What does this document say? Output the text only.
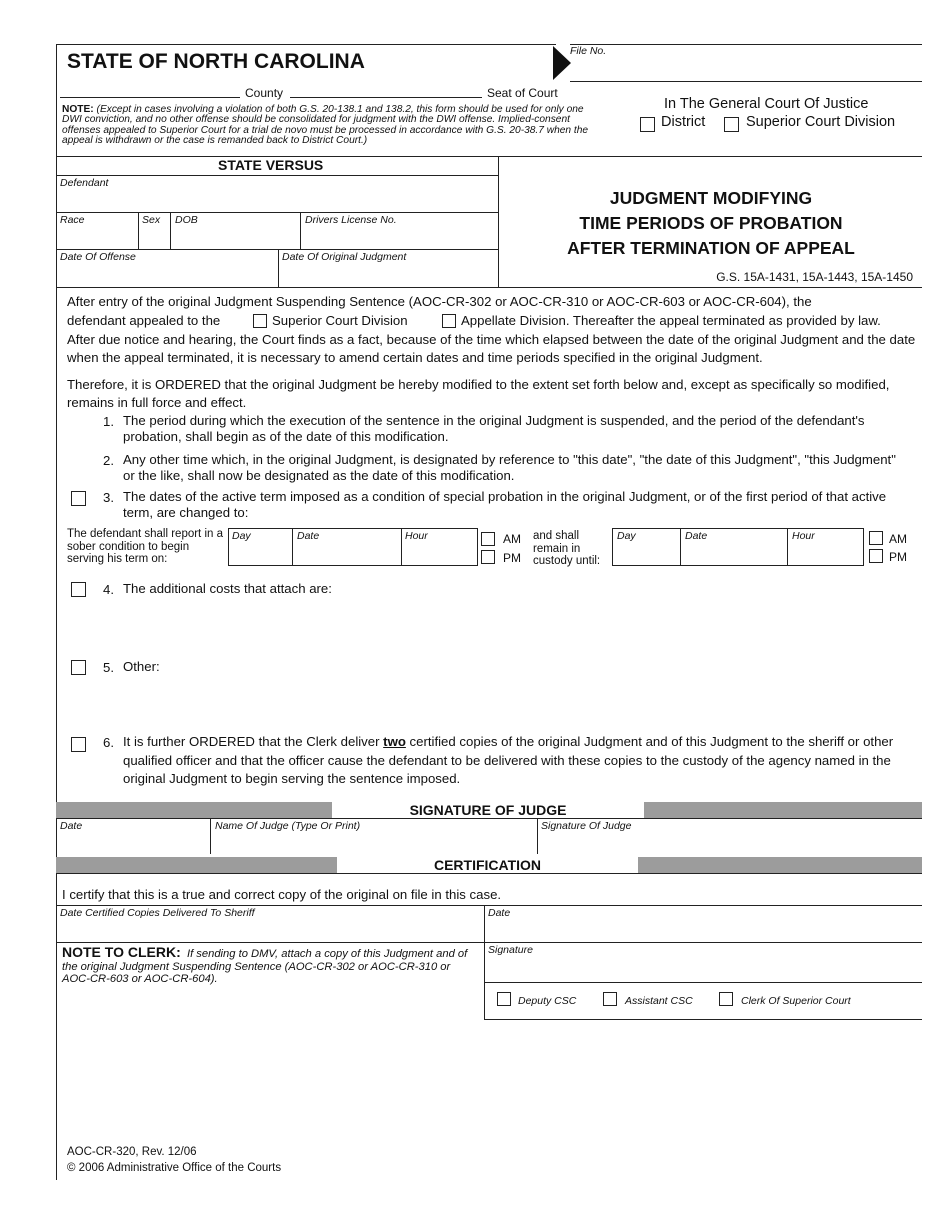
STATE OF NORTH CAROLINA	File No.
County	Seat of Court
NOTE: (Except in cases involving a violation of both G.S. 20-138.1 and 138.2, this form should be used for only one DWI conviction, and no other offense should be consolidated for judgment with the DWI offense. Implied-consent offenses appealed to Superior Court for a trial de novo must be processed in accordance with G.S. 20-38.7 when the appeal is withdrawn or the case is remanded back to District Court.)
In The General Court Of Justice
District	Superior Court Division
STATE VERSUS
Defendant
Race	Sex DOB	Drivers License No.
Date Of Offense	Date Of Original Judgment
JUDGMENT MODIFYING
TIME PERIODS OF PROBATION
AFTER TERMINATION OF APPEAL
G.S. 15A-1431, 15A-1443, 15A-1450
After entry of the original Judgment Suspending Sentence (AOC-CR-302 or AOC-CR-310 or AOC-CR-603 or AOC-CR-604), the
defendant appealed to the	Superior Court Division	Appellate Division. Thereafter the appeal terminated as provided by law.
After due notice and hearing, the Court finds as a fact, because of the time which elapsed between the date of the original Judgment and the date when the appeal terminated, it is necessary to amend certain dates and time periods specified in the original Judgment.
Therefore, it is ORDERED that the original Judgment be hereby modified to the extent set forth below and, except as specifically so modified, remains in full force and effect.
1. The period during which the execution of the sentence in the original Judgment is suspended, and the period of the defendant's probation, shall begin as of the date of this modification.
2. Any other time which, in the original Judgment, is designated by reference to "this date", "the date of this Judgment", "this Judgment" or the like, shall now be designated as the date of this modification.
3. The dates of the active term imposed as a condition of special probation in the original Judgment, or of the first period of that active term, are changed to:
The defendant shall report in a sober condition to begin serving his term on:
Day	Date	Hour	AM
PM
and shall remain in custody until:
Day	Date	Hour	AM
PM
4. The additional costs that attach are:
5. Other:
6. It is further ORDERED that the Clerk deliver two certified copies of the original Judgment and of this Judgment to the sheriff or other qualified officer and that the officer cause the defendant to be delivered with these copies to the custody of the agency named in the original Judgment to begin serving the sentence imposed.
SIGNATURE OF JUDGE
Date	Name Of Judge (Type Or Print)	Signature Of Judge
CERTIFICATION
I certify that this is a true and correct copy of the original on file in this case.
Date Certified Copies Delivered To Sheriff	Date
Signature
NOTE TO CLERK: If sending to DMV, attach a copy of this Judgment and of the original Judgment Suspending Sentence (AOC-CR-302 or AOC-CR-310 or AOC-CR-603 or AOC-CR-604).
Deputy CSC	Assistant CSC	Clerk Of Superior Court
AOC-CR-320, Rev. 12/06
© 2006 Administrative Office of the Courts
